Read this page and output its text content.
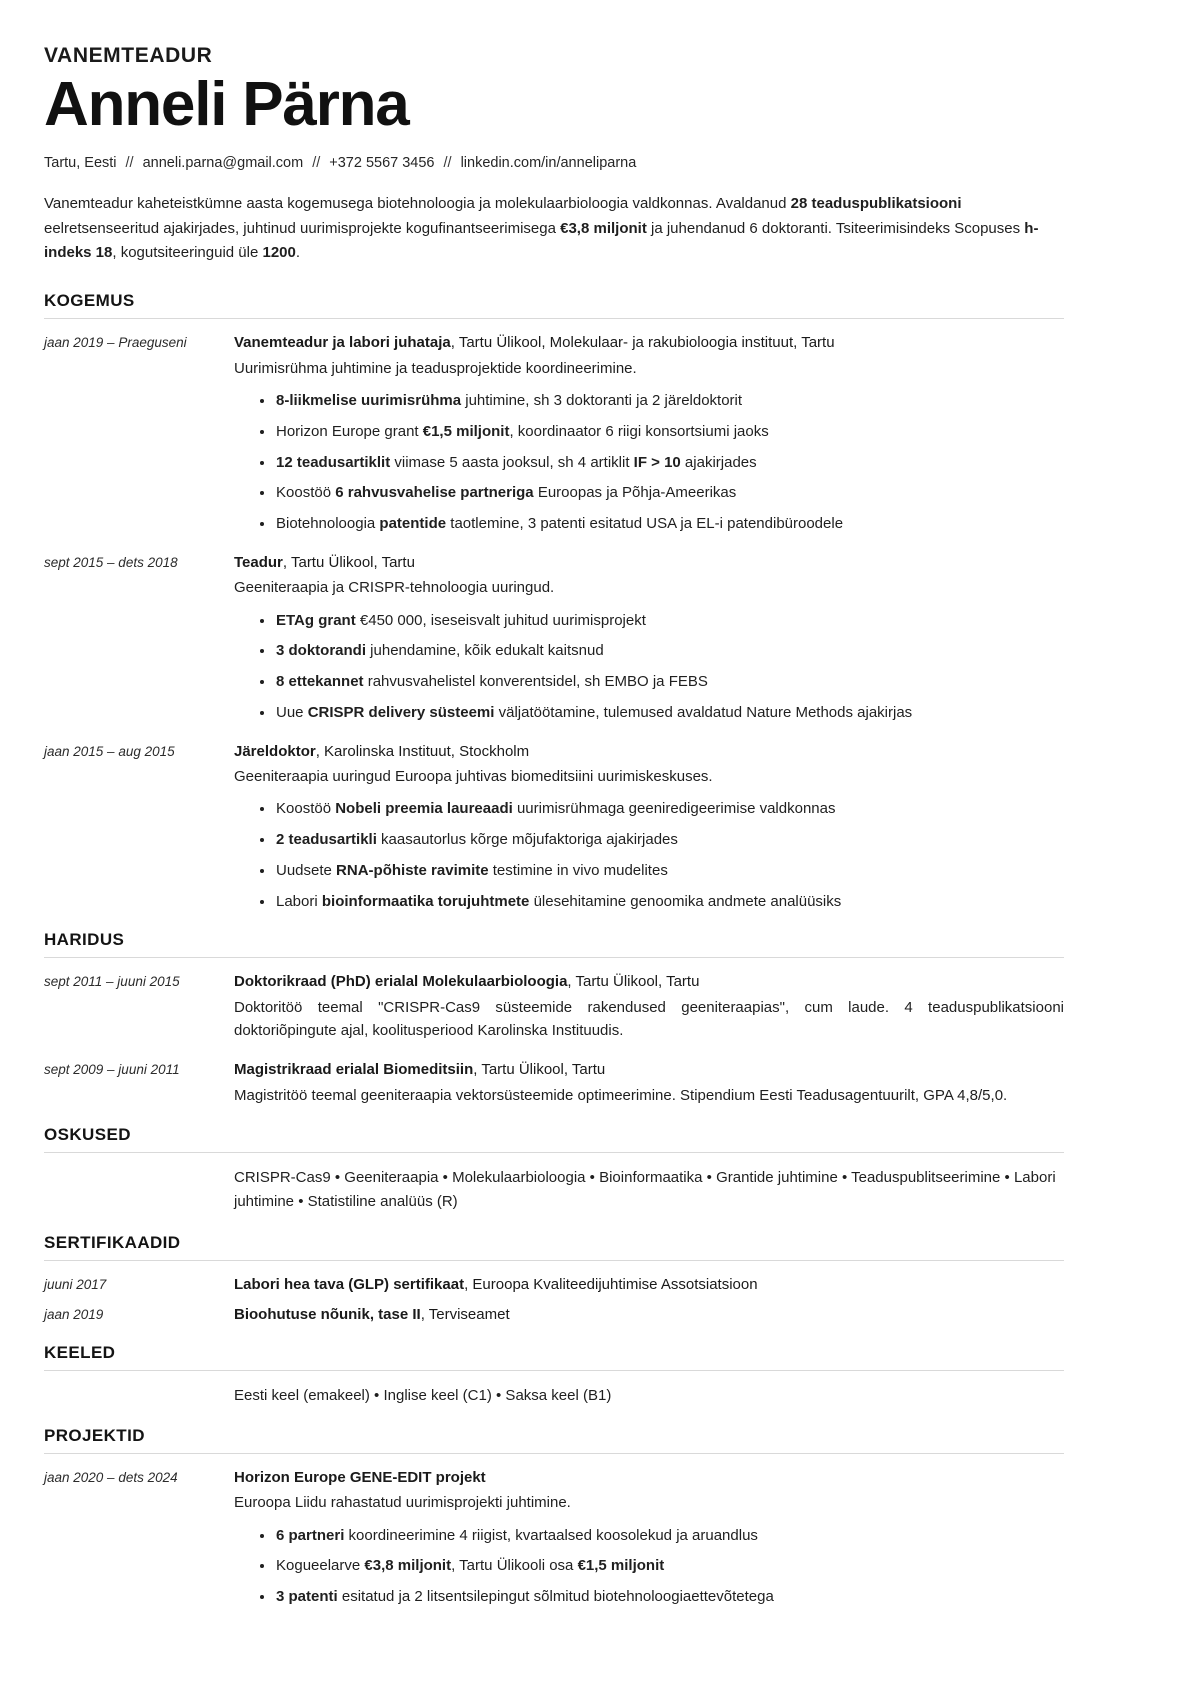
VANEMTEADUR
Anneli Pärna
Tartu, Eesti // anneli.parna@gmail.com // +372 5567 3456 // linkedin.com/in/anneliparna

Vanemteadur kaheteistkümne aasta kogemusega biotehnoloogia ja molekulaarbioloogia valdkonnas. Avaldanud 28 teaduspublikatsiooni eelretsenseeritud ajakirjades, juhtinud uurimisprojekte kogufinantseerimisega €3,8 miljonit ja juhendanud 6 doktoranti. Tsiteerimisindeks Scopuses h-indeks 18, kogutsiteeringuid üle 1200.

KOGEMUS
jaan 2019 – Praeguseni	Vanemteadur ja labori juhataja, Tartu Ülikool, Molekulaar- ja rakubioloogia instituut, Tartu

Uurimisrühma juhtimine ja teadusprojektide koordineerimine.

8-liikmelise uurimisrühma juhtimine, sh 3 doktoranti ja 2 järeldoktorit
Horizon Europe grant €1,5 miljonit, koordinaator 6 riigi konsortsiumi jaoks
12 teadusartiklit viimase 5 aasta jooksul, sh 4 artiklit IF > 10 ajakirjades
Koostöö 6 rahvusvahelise partneriga Euroopas ja Põhja-Ameerikas
Biotehnoloogia patentide taotlemine, 3 patenti esitatud USA ja EL-i patendibüroodele
sept 2015 – dets 2018	Teadur, Tartu Ülikool, Tartu

Geeniteraapia ja CRISPR-tehnoloogia uuringud.

ETAg grant €450 000, iseseisvalt juhitud uurimisprojekt
3 doktorandi juhendamine, kõik edukalt kaitsnud
8 ettekannet rahvusvahelistel konverentsidel, sh EMBO ja FEBS
Uue CRISPR delivery süsteemi väljatöötamine, tulemused avaldatud Nature Methods ajakirjas
jaan 2015 – aug 2015	Järeldoktor, Karolinska Instituut, Stockholm

Geeniteraapia uuringud Euroopa juhtivas biomeditsiini uurimiskeskuses.

Koostöö Nobeli preemia laureaadi uurimisrühmaga geeniredigeerimise valdkonnas
2 teadusartikli kaasautorlus kõrge mõjufaktoriga ajakirjades
Uudsete RNA-põhiste ravimite testimine in vivo mudelites
Labori bioinformaatika torujuhtmete ülesehitamine genoomika andmete analüüsiks
HARIDUS
sept 2011 – juuni 2015	Doktorikraad (PhD) erialal Molekulaarbioloogia, Tartu Ülikool, Tartu

Doktoritöö teemal "CRISPR-Cas9 süsteemide rakendused geeniteraapias", cum laude. 4 teaduspublikatsiooni doktoriõpingute ajal, koolitusperiood Karolinska Instituudis.

sept 2009 – juuni 2011	Magistrikraad erialal Biomeditsiin, Tartu Ülikool, Tartu

Magistritöö teemal geeniteraapia vektorsüsteemide optimeerimine. Stipendium Eesti Teadusagentuurilt, GPA 4,8/5,0.

OSKUSED
CRISPR-Cas9 • Geeniteraapia • Molekulaarbioloogia • Bioinformaatika • Grantide juhtimine • Teaduspublitseerimine • Labori juhtimine • Statistiline analüüs (R)
SERTIFIKAADID
juuni 2017	Labori hea tava (GLP) sertifikaat, Euroopa Kvaliteedijuhtimise Assotsiatsioon

jaan 2019	Bioohutuse nõunik, tase II, Terviseamet

KEELED
Eesti keel (emakeel) • Inglise keel (C1) • Saksa keel (B1)
PROJEKTID
jaan 2020 – dets 2024	Horizon Europe GENE-EDIT projekt

Euroopa Liidu rahastatud uurimisprojekti juhtimine.

6 partneri koordineerimine 4 riigist, kvartaalsed koosolekud ja aruandlus
Kogueelarve €3,8 miljonit, Tartu Ülikooli osa €1,5 miljonit
3 patenti esitatud ja 2 litsentsilepingut sõlmitud biotehnoloogiaettevõtetega
